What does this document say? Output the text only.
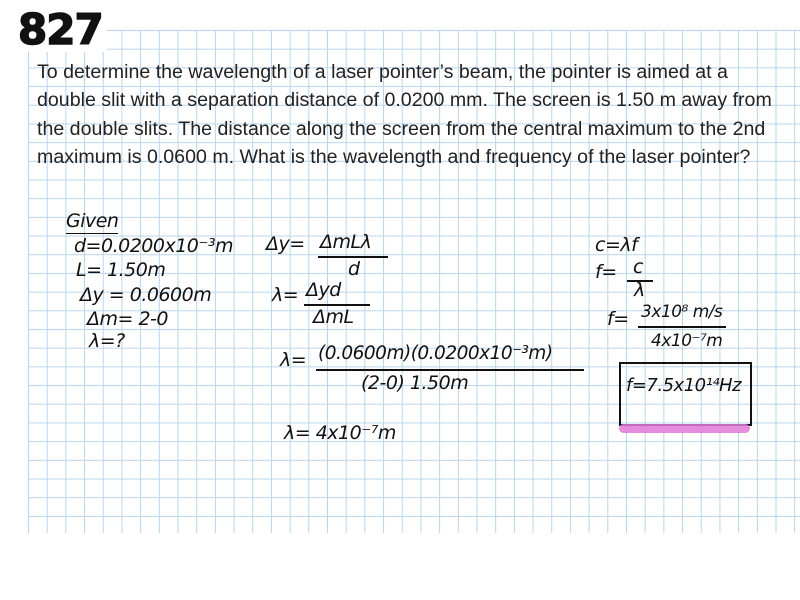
827
To determine the wavelength of a laser pointer’s beam, the pointer is aimed at a double slit with a separation distance of 0.0200 mm. The screen is 1.50 m away from the double slits. The distance along the screen from the central maximum to the 2nd maximum is 0.0600 m. What is the wavelength and frequency of the laser pointer?
Given
d=0.0200x10⁻³m
L= 1.50m
Δy = 0.0600m
Δm= 2-0
λ=?
Δy= ΔmLλ
d
λ= Δyd
ΔmL
λ= (0.0600m)(0.0200x10⁻³m)
(2-0) 1.50m
λ= 4x10⁻⁷m
c=λf
f= c
λ
f= 3x10⁸ m/s
4x10⁻⁷m
f=7.5x10¹⁴Hz
